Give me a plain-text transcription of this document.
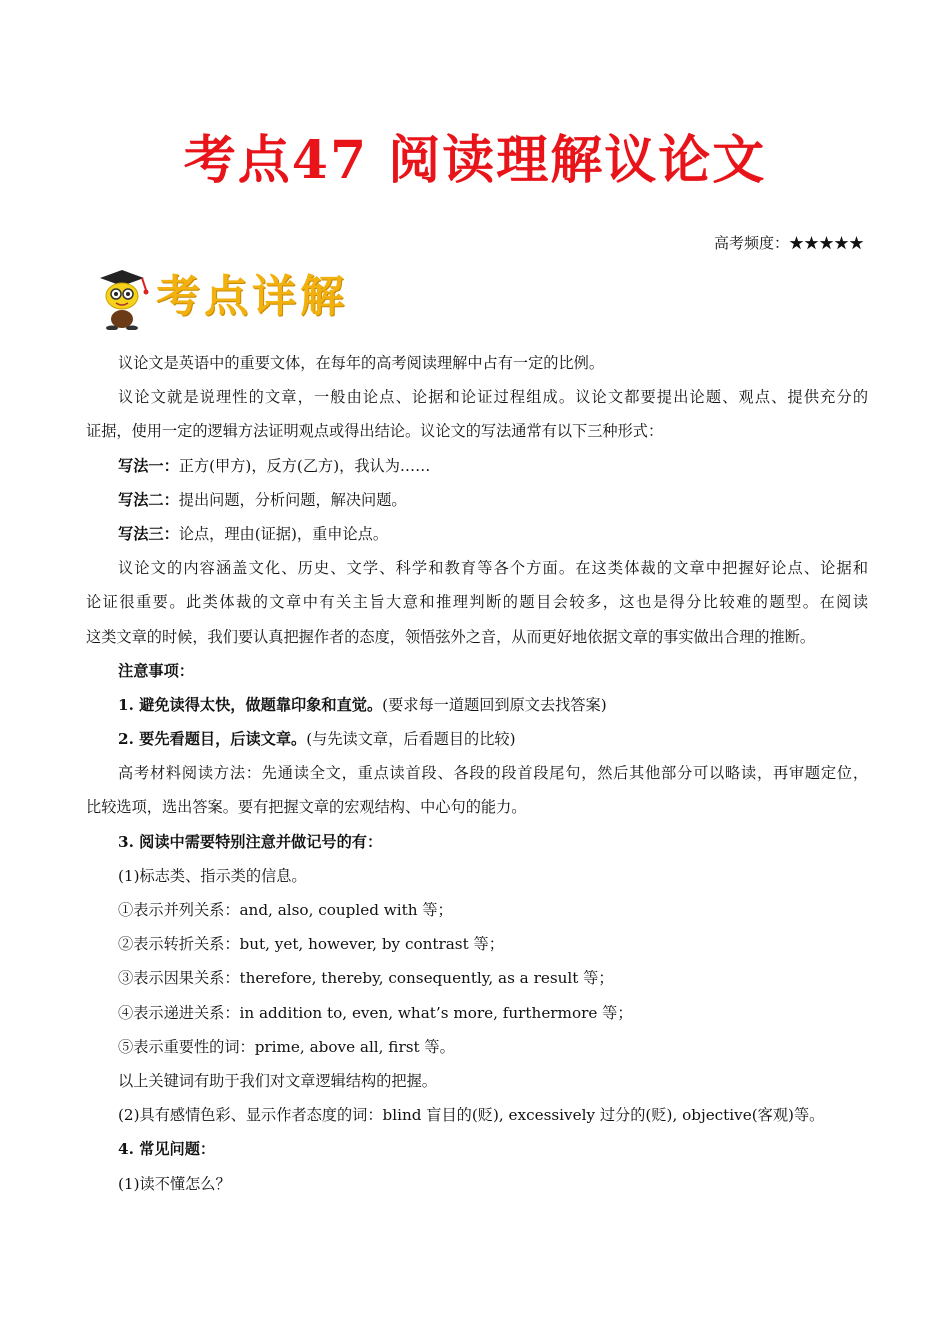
考点47 阅读理解议论文
高考频度：★★★★★
考点详解
议论文是英语中的重要文体，在每年的高考阅读理解中占有一定的比例。
议论文就是说理性的文章，一般由论点、论据和论证过程组成。议论文都要提出论题、观点、提供充分的
证据，使用一定的逻辑方法证明观点或得出结论。议论文的写法通常有以下三种形式：
写法一：正方(甲方)，反方(乙方)，我认为……
写法二：提出问题，分析问题，解决问题。
写法三：论点，理由(证据)，重申论点。
议论文的内容涵盖文化、历史、文学、科学和教育等各个方面。在这类体裁的文章中把握好论点、论据和
论证很重要。此类体裁的文章中有关主旨大意和推理判断的题目会较多，这也是得分比较难的题型。在阅读
这类文章的时候，我们要认真把握作者的态度，领悟弦外之音，从而更好地依据文章的事实做出合理的推断。
注意事项：
1. 避免读得太快，做题靠印象和直觉。(要求每一道题回到原文去找答案)
2. 要先看题目，后读文章。(与先读文章，后看题目的比较)
高考材料阅读方法：先通读全文，重点读首段、各段的段首段尾句，然后其他部分可以略读，再审题定位，
比较选项，选出答案。要有把握文章的宏观结构、中心句的能力。
3. 阅读中需要特别注意并做记号的有：
(1)标志类、指示类的信息。
①表示并列关系：and, also, coupled with 等；
②表示转折关系：but, yet, however, by contrast 等；
③表示因果关系：therefore, thereby, consequently, as a result 等；
④表示递进关系：in addition to, even, what’s more, furthermore 等；
⑤表示重要性的词：prime, above all, first 等。
以上关键词有助于我们对文章逻辑结构的把握。
(2)具有感情色彩、显示作者态度的词：blind 盲目的(贬), excessively 过分的(贬), objective(客观)等。
4. 常见问题：
(1)读不懂怎么？
